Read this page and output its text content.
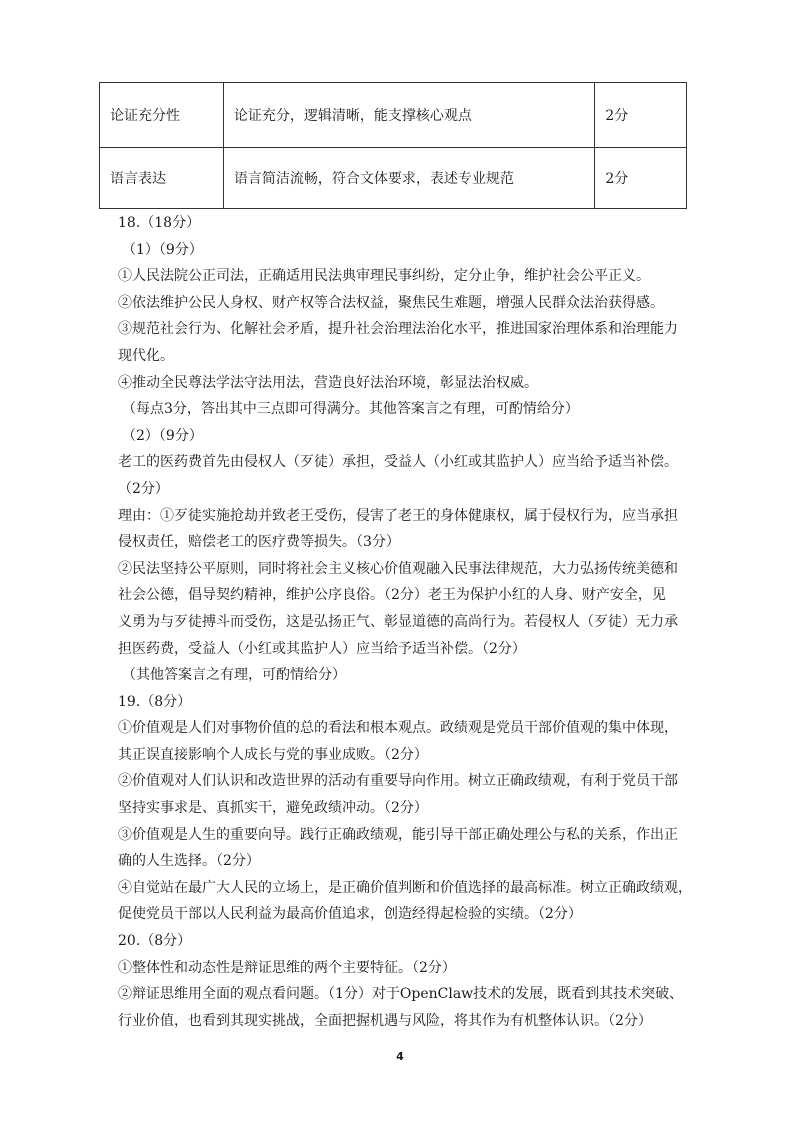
论证充分性	论证充分，逻辑清晰，能支撑核心观点	2分
语言表达	语言简洁流畅，符合文体要求，表述专业规范	2分
18.（18分）
（1）（9分）
①人民法院公正司法，正确适用民法典审理民事纠纷，定分止争，维护社会公平正义。
②依法维护公民人身权、财产权等合法权益，聚焦民生难题，增强人民群众法治获得感。
③规范社会行为、化解社会矛盾，提升社会治理法治化水平，推进国家治理体系和治理能力
现代化。
④推动全民尊法学法守法用法，营造良好法治环境，彰显法治权威。
（每点3分，答出其中三点即可得满分。其他答案言之有理，可酌情给分）
（2）（9分）
老工的医药费首先由侵权人（歹徒）承担，受益人（小红或其监护人）应当给予适当补偿。
（2分）
理由：①歹徒实施抢劫并致老王受伤，侵害了老王的身体健康权，属于侵权行为，应当承担
侵权责任，赔偿老工的医疗费等损失。（3分）
②民法坚持公平原则，同时将社会主义核心价值观融入民事法律规范，大力弘扬传统美德和
社会公德，倡导契约精神，维护公序良俗。（2分）老王为保护小红的人身、财产安全，见
义勇为与歹徒搏斗而受伤，这是弘扬正气、彰显道德的高尚行为。若侵权人（歹徒）无力承
担医药费，受益人（小红或其监护人）应当给予适当补偿。（2分）
（其他答案言之有理，可酌情给分）
19.（8分）
①价值观是人们对事物价值的总的看法和根本观点。政绩观是党员干部价值观的集中体现，
其正误直接影响个人成长与党的事业成败。（2分）
②价值观对人们认识和改造世界的活动有重要导向作用。树立正确政绩观，有利于党员干部
坚持实事求是、真抓实干，避免政绩冲动。（2分）
③价值观是人生的重要向导。践行正确政绩观，能引导干部正确处理公与私的关系，作出正
确的人生选择。（2分）
④自觉站在最广大人民的立场上，是正确价值判断和价值选择的最高标准。树立正确政绩观，
促使党员干部以人民利益为最高价值追求，创造经得起检验的实绩。（2分）
20.（8分）
①整体性和动态性是辩证思维的两个主要特征。（2分）
②辩证思维用全面的观点看问题。（1分）对于OpenClaw技术的发展，既看到其技术突破、
行业价值，也看到其现实挑战，全面把握机遇与风险，将其作为有机整体认识。（2分）
4
